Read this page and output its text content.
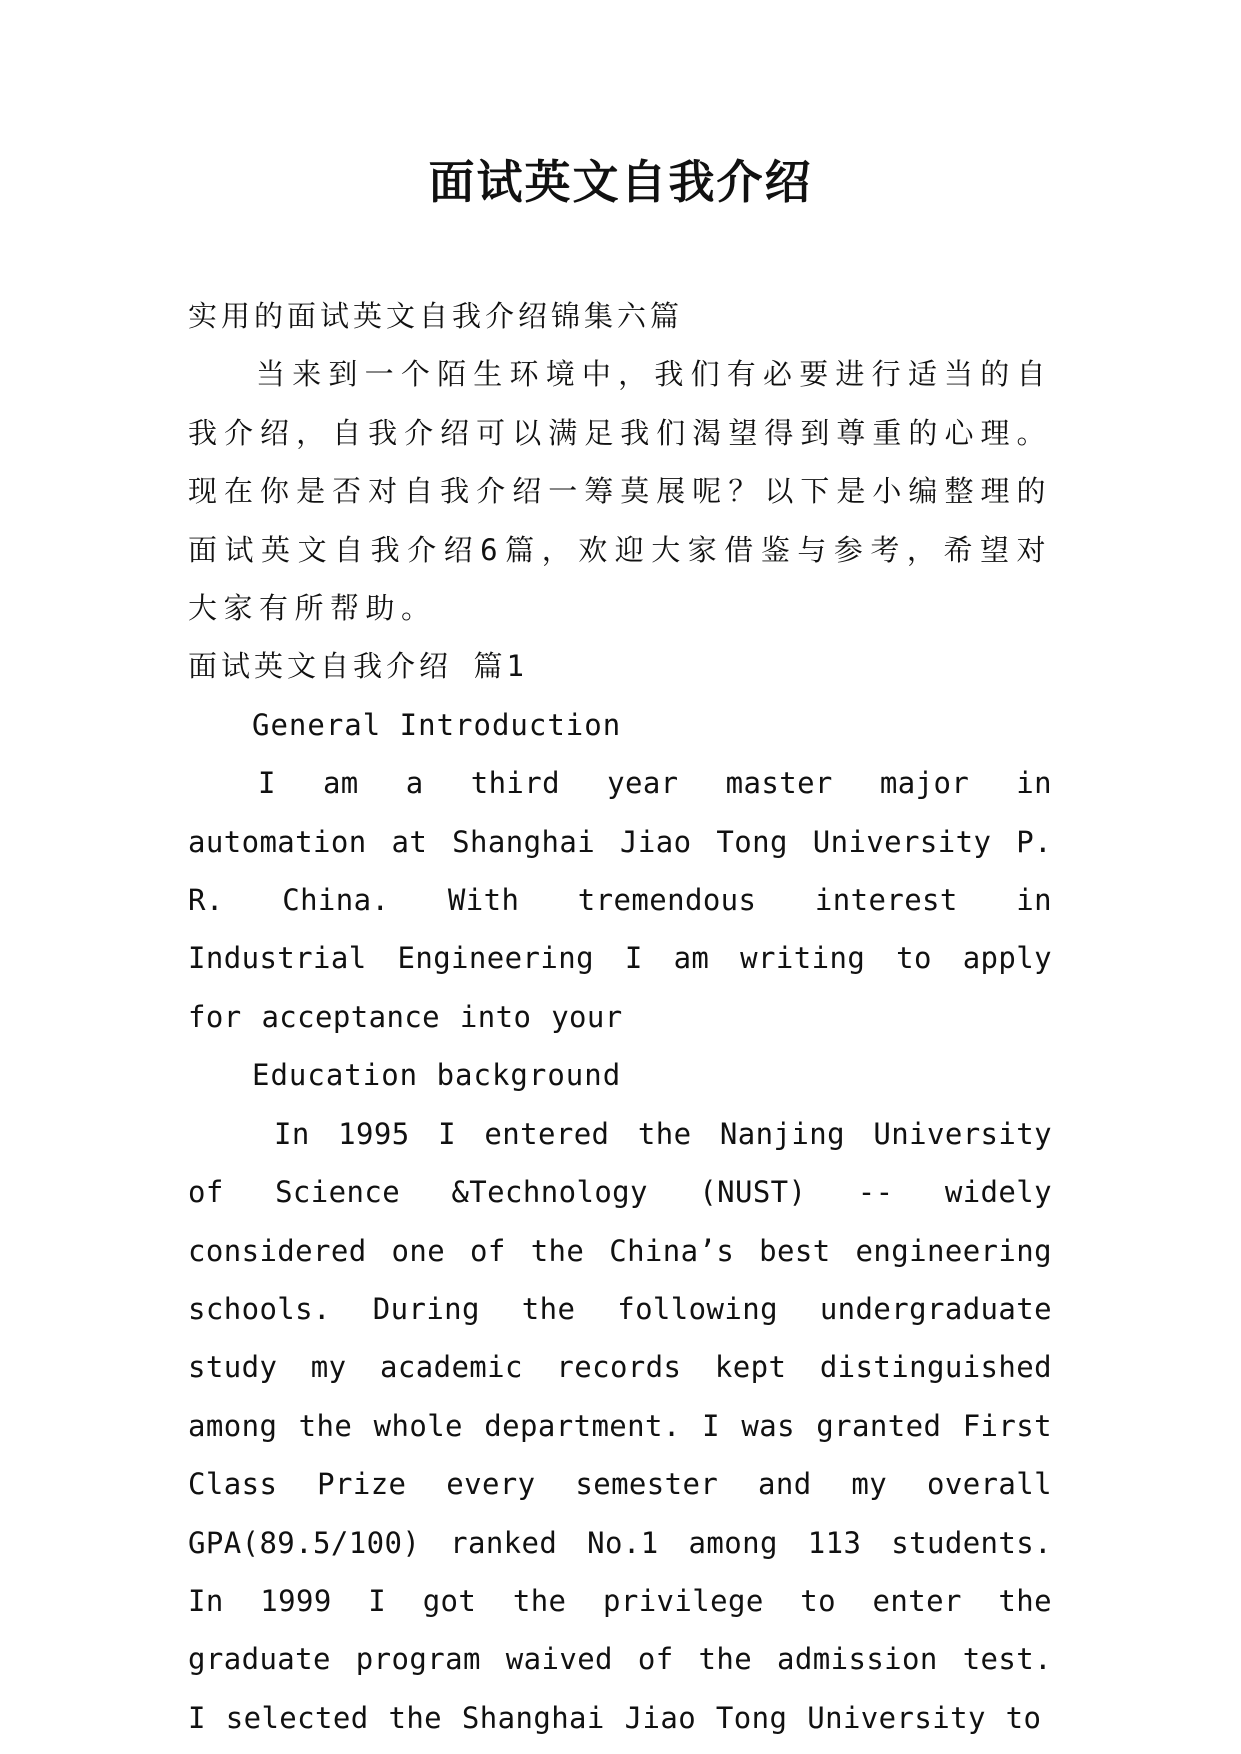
面试英文自我介绍

实用的面试英文自我介绍锦集六篇

当来到一个陌生环境中，我们有必要进行适当的自我介绍，自我介绍可以满足我们渴望得到尊重的心理。现在你是否对自我介绍一筹莫展呢？以下是小编整理的面试英文自我介绍6篇，欢迎大家借鉴与参考，希望对大家有所帮助。

面试英文自我介绍 篇1

General Introduction

I am a third year master major in automation at Shanghai Jiao Tong University P. R. China. With tremendous interest in Industrial Engineering I am writing to apply for acceptance into your

Education background

In 1995 I entered the Nanjing University of Science &Technology (NUST) -- widely considered one of the China’s best engineering schools. During the following undergraduate study my academic records kept distinguished among the whole department. I was granted First Class Prize every semester and my overall GPA(89.5/100) ranked No.1 among 113 students. In 1999 I got the privilege to enter the graduate program waived of the admission test. I selected the Shanghai Jiao Tong University to
